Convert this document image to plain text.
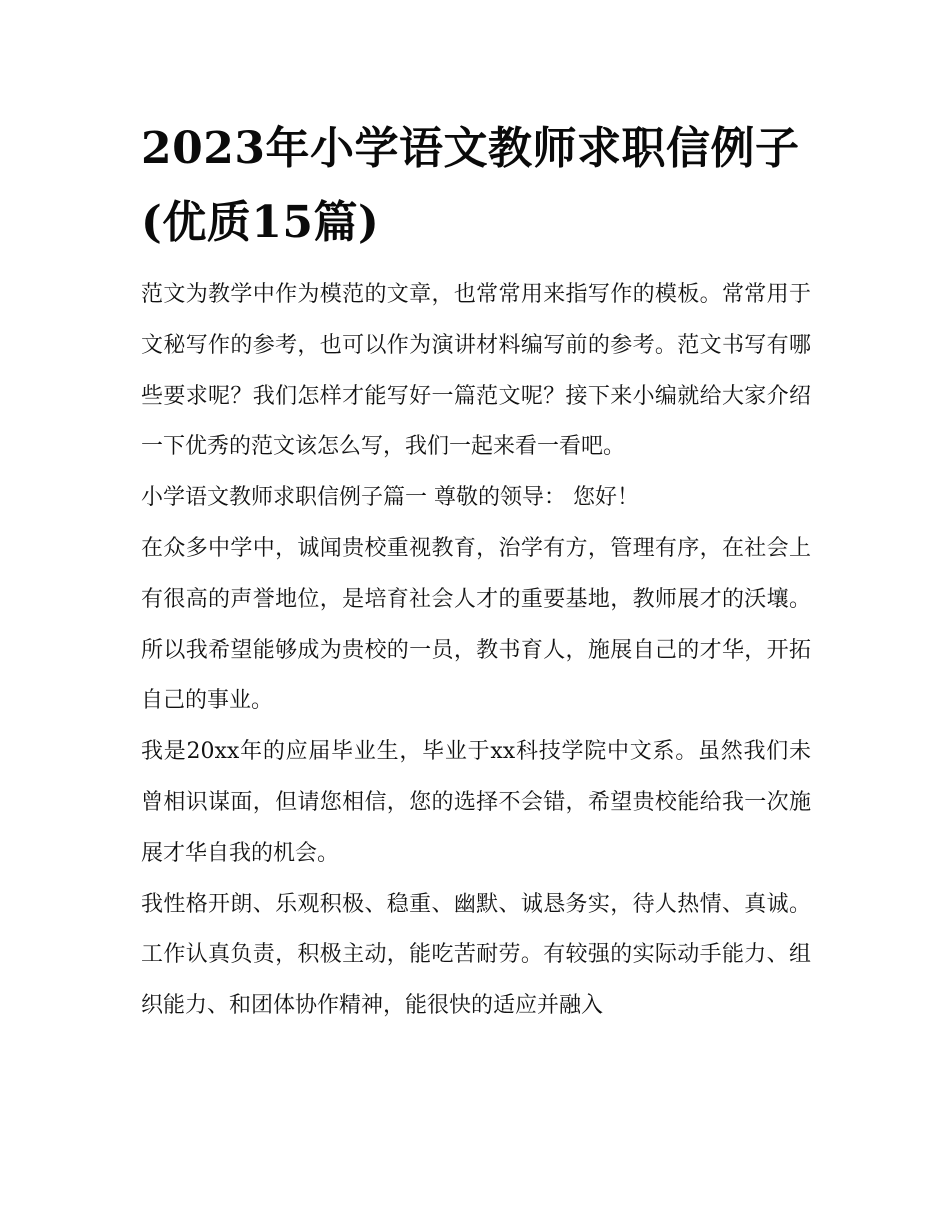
2023年小学语文教师求职信例子(优质15篇)

范文为教学中作为模范的文章，也常常用来指写作的模板。常常用于文秘写作的参考，也可以作为演讲材料编写前的参考。范文书写有哪些要求呢？我们怎样才能写好一篇范文呢？接下来小编就给大家介绍一下优秀的范文该怎么写，我们一起来看一看吧。

小学语文教师求职信例子篇一 尊敬的领导： 您好！

在众多中学中，诚闻贵校重视教育，治学有方，管理有序，在社会上有很高的声誉地位，是培育社会人才的重要基地，教师展才的沃壤。所以我希望能够成为贵校的一员，教书育人，施展自己的才华，开拓自己的事业。

我是20xx年的应届毕业生，毕业于xx科技学院中文系。虽然我们未曾相识谋面，但请您相信，您的选择不会错，希望贵校能给我一次施展才华自我的机会。

我性格开朗、乐观积极、稳重、幽默、诚恳务实，待人热情、真诚。工作认真负责，积极主动，能吃苦耐劳。有较强的实际动手能力、组织能力、和团体协作精神，能很快的适应并融入
